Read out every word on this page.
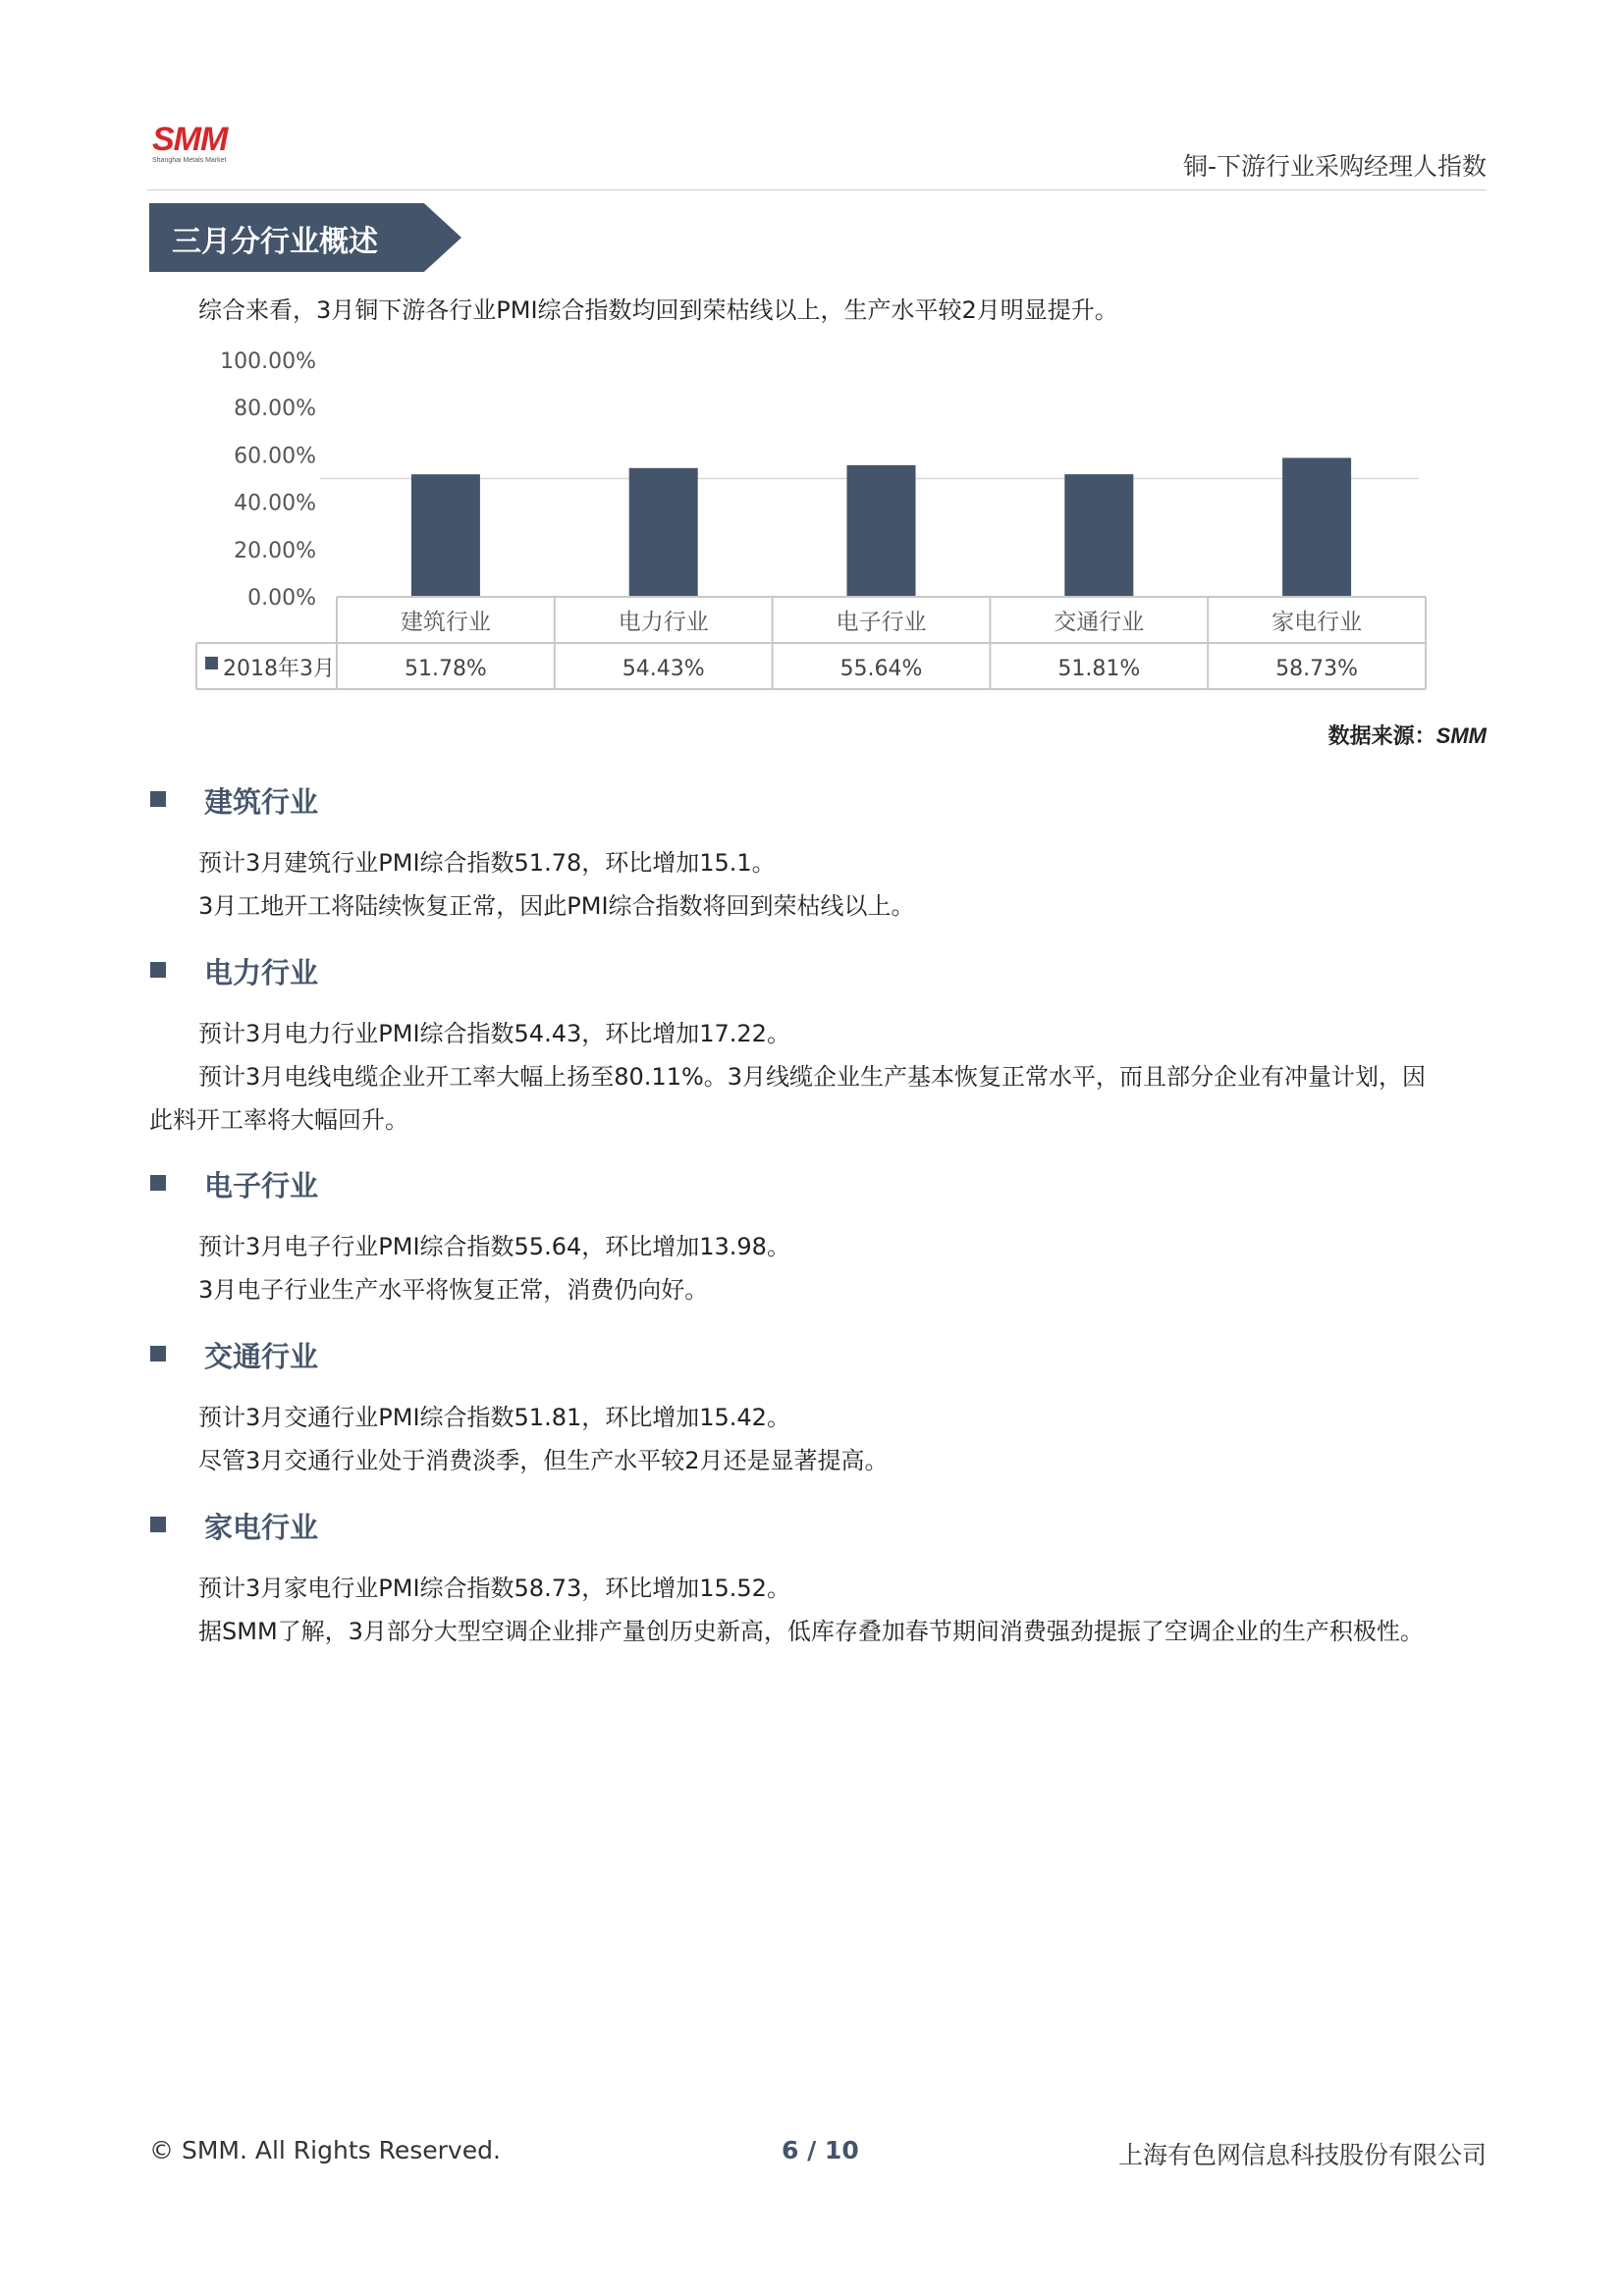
SMM
Shanghai Metals Market	铜-下游行业采购经理人指数
三月分行业概述
综合来看，3月铜下游各行业PMI综合指数均回到荣枯线以上，生产水平较2月明显提升。
100.00%
80.00%
60.00%
40.00%
20.00%
0.00%
建筑行业	电力行业	电子行业	交通行业	家电行业
2018年3月	51.78%	54.43%	55.64%	51.81%	58.73%
数据来源：SMM
建筑行业
预计3月建筑行业PMI综合指数51.78，环比增加15.1。
3月工地开工将陆续恢复正常，因此PMI综合指数将回到荣枯线以上。
电力行业
预计3月电力行业PMI综合指数54.43，环比增加17.22。
预计3月电线电缆企业开工率大幅上扬至80.11%。3月线缆企业生产基本恢复正常水平，而且部分企业有冲量计划，因
此料开工率将大幅回升。
电子行业
预计3月电子行业PMI综合指数55.64，环比增加13.98。
3月电子行业生产水平将恢复正常，消费仍向好。
交通行业
预计3月交通行业PMI综合指数51.81，环比增加15.42。
尽管3月交通行业处于消费淡季，但生产水平较2月还是显著提高。
家电行业
预计3月家电行业PMI综合指数58.73，环比增加15.52。
据SMM了解，3月部分大型空调企业排产量创历史新高，低库存叠加春节期间消费强劲提振了空调企业的生产积极性。
© SMM. All Rights Reserved.	6 / 10	上海有色网信息科技股份有限公司
